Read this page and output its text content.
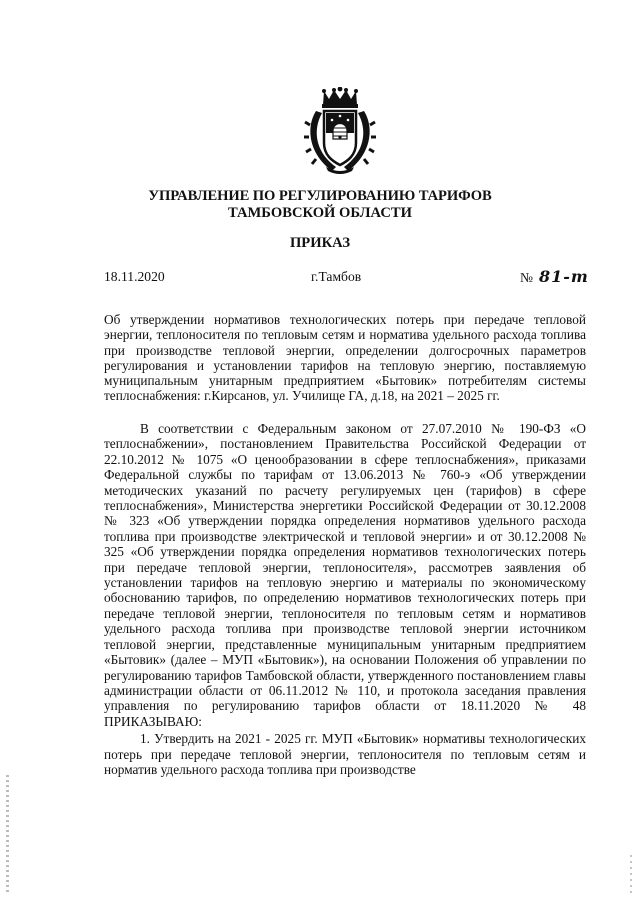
УПРАВЛЕНИЕ ПО РЕГУЛИРОВАНИЮ ТАРИФОВ
ТАМБОВСКОЙ ОБЛАСТИ
ПРИКАЗ
18.11.2020	г.Тамбов	№ 81-т
Об утверждении нормативов технологических потерь при передаче тепловой энергии, теплоносителя по тепловым сетям и норматива удельного расхода топлива при производстве тепловой энергии, определении долгосрочных параметров регулирования и установлении тарифов на тепловую энергию, поставляемую муниципальным унитарным предприятием «Бытовик» потребителям системы теплоснабжения: г.Кирсанов, ул. Училище ГА, д.18, на 2021 – 2025 гг.

В соответствии с Федеральным законом от 27.07.2010 № 190-ФЗ «О теплоснабжении», постановлением Правительства Российской Федерации от 22.10.2012 № 1075 «О ценообразовании в сфере теплоснабжения», приказами Федеральной службы по тарифам от 13.06.2013 № 760-э «Об утверждении методических указаний по расчету регулируемых цен (тарифов) в сфере теплоснабжения», Министерства энергетики Российской Федерации от 30.12.2008 № 323 «Об утверждении порядка определения нормативов удельного расхода топлива при производстве электрической и тепловой энергии» и от 30.12.2008 № 325 «Об утверждении порядка определения нормативов технологических потерь при передаче тепловой энергии, теплоносителя», рассмотрев заявления об установлении тарифов на тепловую энергию и материалы по экономическому обоснованию тарифов, по определению нормативов технологических потерь при передаче тепловой энергии, теплоносителя по тепловым сетям и нормативов удельного расхода топлива при производстве тепловой энергии источником тепловой энергии, представленные муниципальным унитарным предприятием «Бытовик» (далее – МУП «Бытовик»), на основании Положения об управлении по регулированию тарифов Тамбовской области, утвержденного постановлением главы администрации области от 06.11.2012 № 110, и протокола заседания правления управления по регулированию тарифов области от 18.11.2020 № 48 ПРИКАЗЫВАЮ:

1. Утвердить на 2021 - 2025 гг. МУП «Бытовик» нормативы технологических потерь при передаче тепловой энергии, теплоносителя по тепловым сетям и норматив удельного расхода топлива при производстве
